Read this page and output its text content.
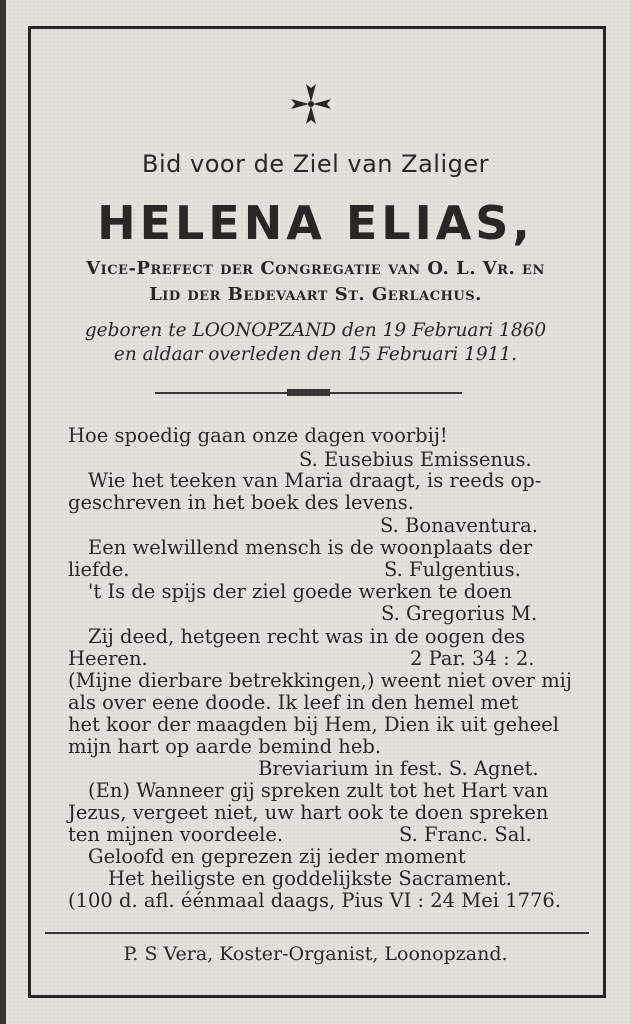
Bid voor de Ziel van Zaliger
HELENA ELIAS,
Vice-Prefect der Congregatie van O. L. Vr. en
Lid der Bedevaart St. Gerlachus.
geboren te LOONOPZAND den 19 Februari 1860
en aldaar overleden den 15 Februari 1911.
Hoe spoedig gaan onze dagen voorbij!
S. Eusebius Emissenus.
Wie het teeken van Maria draagt, is reeds op-
geschreven in het boek des levens.
S. Bonaventura.
Een welwillend mensch is de woonplaats der
liefde.	S. Fulgentius.
't Is de spijs der ziel goede werken te doen
S. Gregorius M.
Zij deed, hetgeen recht was in de oogen des
Heeren.	2 Par. 34 : 2.
(Mijne dierbare betrekkingen,) weent niet over mij
als over eene doode. Ik leef in den hemel met
het koor der maagden bij Hem, Dien ik uit geheel
mijn hart op aarde bemind heb.
Breviarium in fest. S. Agnet.
(En) Wanneer gij spreken zult tot het Hart van
Jezus, vergeet niet, uw hart ook te doen spreken
ten mijnen voordeele.	S. Franc. Sal.
Geloofd en geprezen zij ieder moment
Het heiligste en goddelijkste Sacrament.
(100 d. afl. éénmaal daags, Pius VI : 24 Mei 1776.
P. S Vera, Koster-Organist, Loonopzand.
